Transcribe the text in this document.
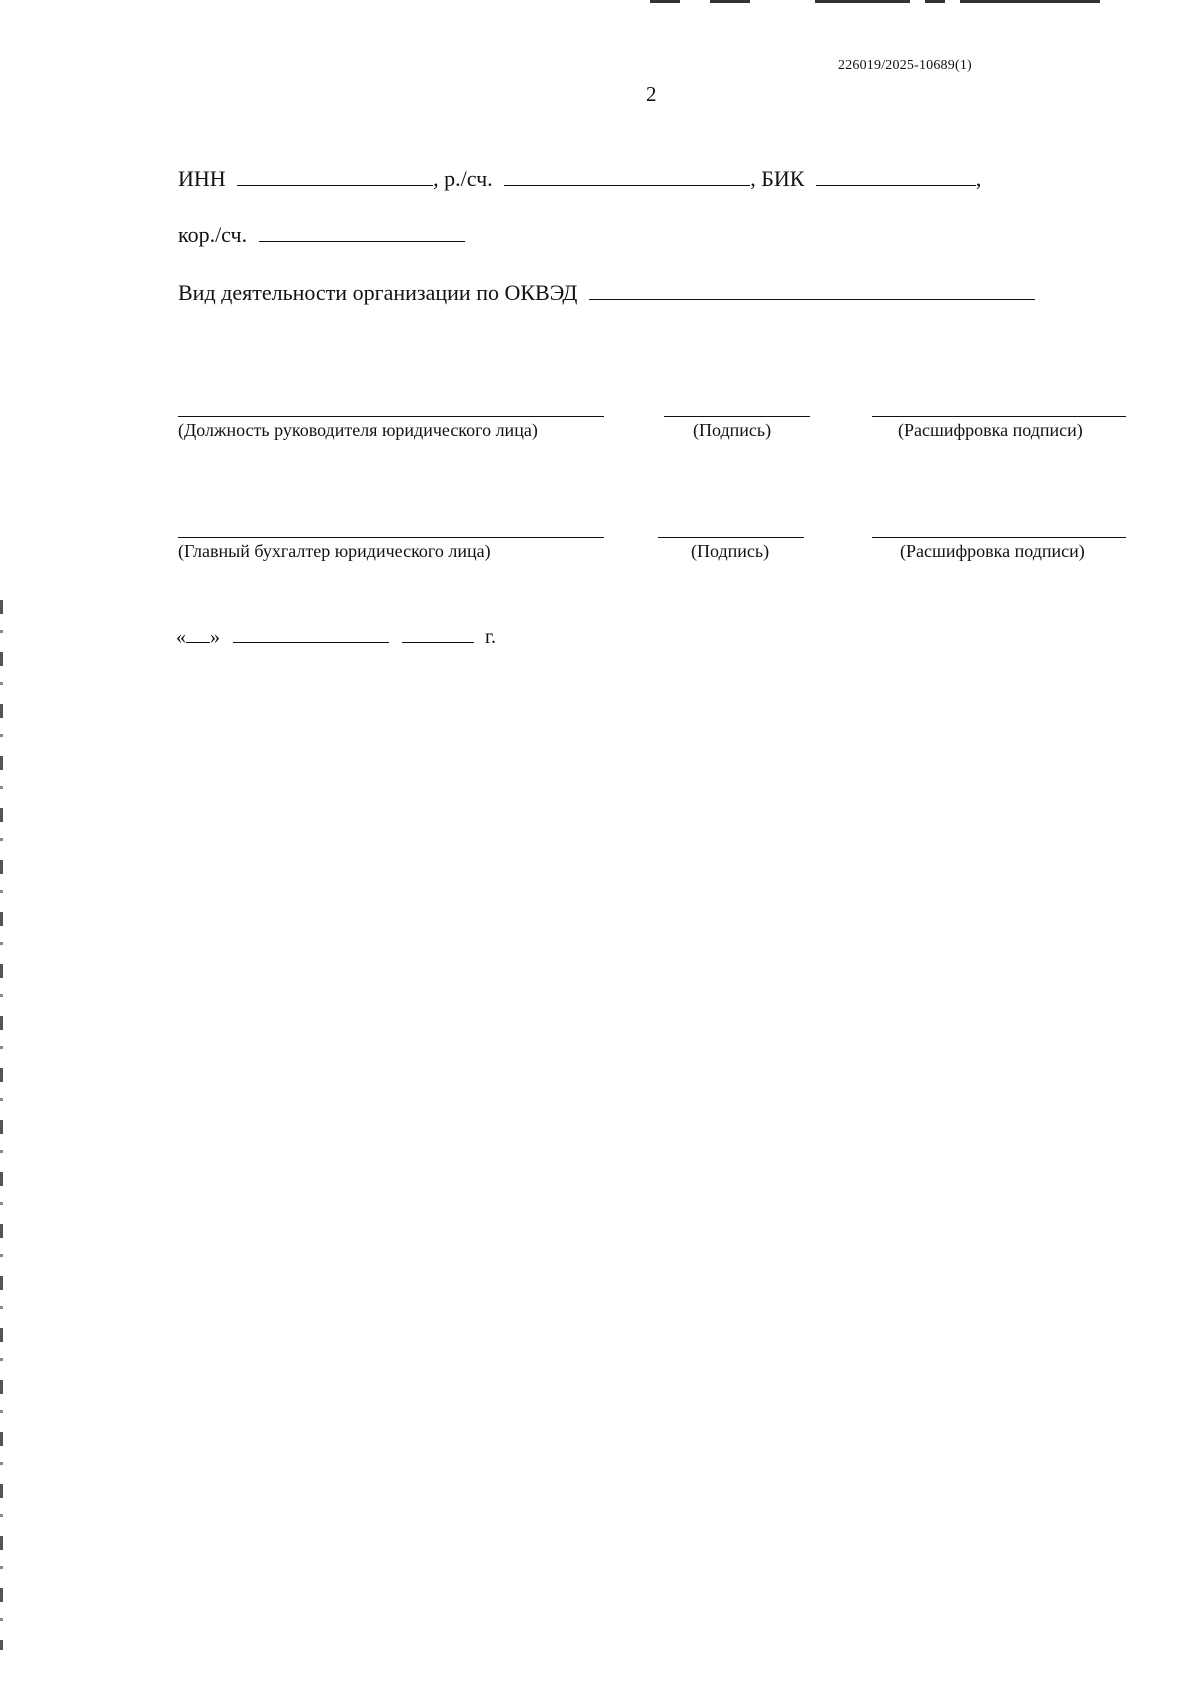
226019/2025-10689(1)
2
ИНН	, р./сч.	, БИК	,
кор./сч.
Вид деятельности организации по ОКВЭД
(Должность руководителя юридического лица)	(Подпись)	(Расшифровка подписи)
(Главный бухгалтер юридического лица)	(Подпись)	(Расшифровка подписи)
« »	г.
